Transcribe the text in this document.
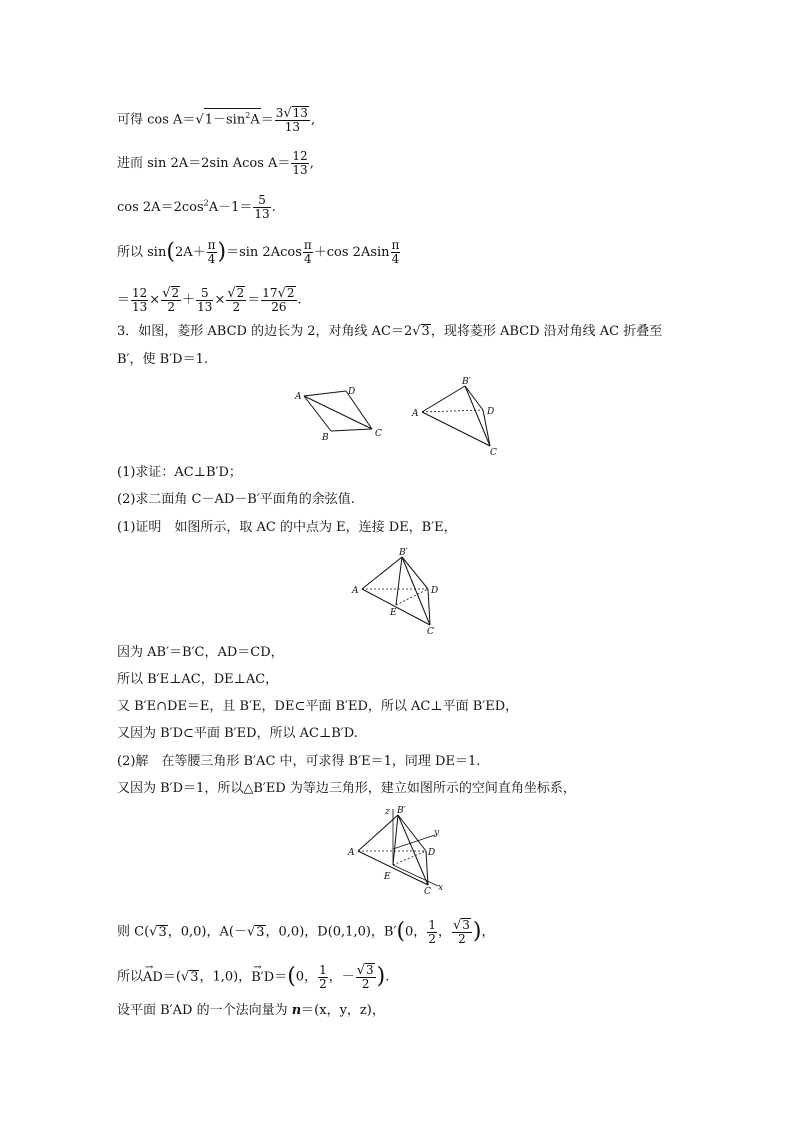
可得 $\cos A=√1-\sin^2A= \frac{3√13}{13}$ ,
进而 sin 2A＝2sin Acos $A= \frac{12}{13}$ ,
$\cos 2A=2\cos^2A-1= \frac{5}{13}$ .
所以 $\sin(2A+ \frac{\pi}{4} )=\sin$ $2Acos \frac{\pi}{4} +\cos$ $2Asin \frac{\pi}{4}$
＝ $\frac{12}{13} \times \frac{√2}{2} + \frac{5}{13} \times \frac{√2}{2} = \frac{17√2}{26}$ .
3．如图，菱形 ABCD 的边长为 2，对角线 AC＝2√3，现将菱形 ABCD 沿对角线 AC 折叠至
B′，使 B′D＝1.
A	D
B	C
B′
A	D
C
(1)求证：AC⊥B′D；
(2)求二面角 C－AD－B′平面角的余弦值.
(1)证明　如图所示，取 AC 的中点为 E，连接 DE，B′E，
B′
A	D
E
C
因为 AB′＝B′C，AD＝CD，
所以 B′E⊥AC，DE⊥AC，
又 B′E∩DE＝E，且 B′E，DE⊂平面 B′ED，所以 AC⊥平面 B′ED，
又因为 B′D⊂平面 B′ED，所以 AC⊥B′D.
(2)解　在等腰三角形 B′AC 中，可求得 B′E＝1，同理 DE＝1.
又因为 B′D＝1，所以△B′ED 为等边三角形，建立如图所示的空间直角坐标系，
z B′
y
A	D
E
C x
则 C(√3，0,0)，A(－√3，0,0)，D(0,1,0)，B′(0， $\frac{1}{2}$ ， $\frac{√3}{2}$ )，
所以→ AD＝(√3，1,0)，→ B′D＝(0， $\frac{1}{2}$ ，－ $\frac{√3}{2}$ ).
设平面 B′AD 的一个法向量为 n＝(x，y，z)，
